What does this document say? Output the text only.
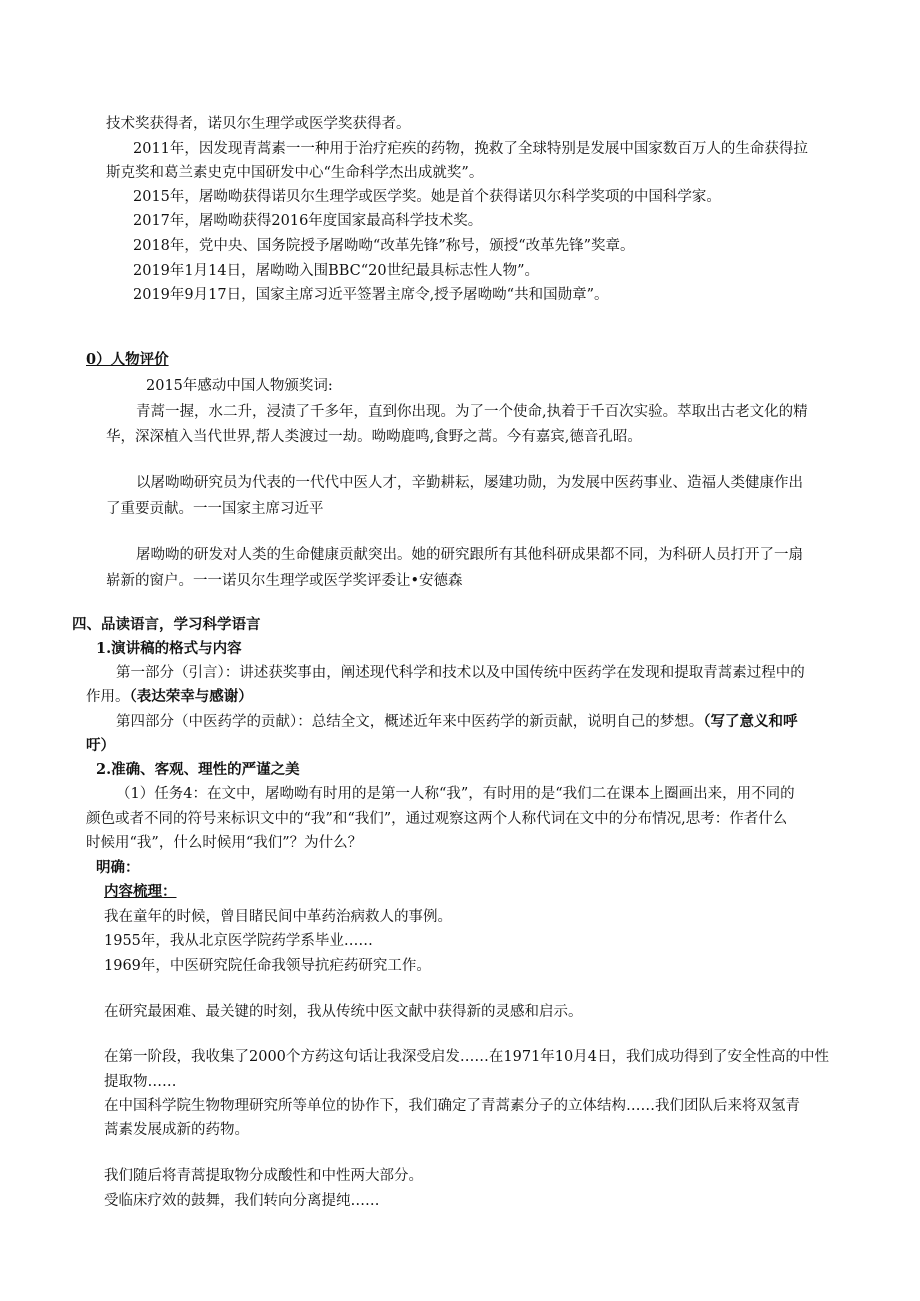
技术奖获得者，诺贝尔生理学或医学奖获得者。
2011年，因发现青蒿素一一种用于治疗疟疾的药物，挽救了全球特别是发展中国家数百万人的生命获得拉
斯克奖和葛兰素史克中国研发中心“生命科学杰出成就奖”。
2015年，屠呦呦获得诺贝尔生理学或医学奖。她是首个获得诺贝尔科学奖项的中国科学家。
2017年，屠呦呦获得2016年度国家最高科学技术奖。
2018年，党中央、国务院授予屠呦呦“改革先锋”称号，颁授“改革先锋”奖章。
2019年1月14日，屠呦呦入围BBC“20世纪最具标志性人物”。
2019年9月17日，国家主席习近平签署主席令,授予屠呦呦“共和国勋章”。
0）人物评价
2015年感动中国人物颁奖词:
青蒿一握，水二升，浸渍了千多年，直到你出现。为了一个使命,执着于千百次实验。萃取出古老文化的精
华，深深植入当代世界,帮人类渡过一劫。呦呦鹿鸣,食野之蒿。今有嘉宾,德音孔昭。
以屠呦呦研究员为代表的一代代中医人才，辛勤耕耘，屡建功勋，为发展中医药事业、造福人类健康作出
了重要贡献。一一国家主席习近平
屠呦呦的研发对人类的生命健康贡献突出。她的研究跟所有其他科研成果都不同，为科研人员打开了一扇
崭新的窗户。一一诺贝尔生理学或医学奖评委让•安德森
四、品读语言，学习科学语言
1.演讲稿的格式与内容
第一部分（引言）：讲述获奖事由，阐述现代科学和技术以及中国传统中医药学在发现和提取青蒿素过程中的
作用。（表达荣幸与感谢）
第四部分（中医药学的贡献）：总结全文，概述近年来中医药学的新贡献，说明自己的梦想。（写了意义和呼
吁）
2.准确、客观、理性的严谨之美
（1）任务4：在文中，屠呦呦有时用的是第一人称“我”，有时用的是“我们二在课本上圈画出来，用不同的
颜色或者不同的符号来标识文中的“我”和“我们”，通过观察这两个人称代词在文中的分布情况,思考：作者什么
时候用“我”，什么时候用“我们”？为什么？
明确：
内容梳理：
我在童年的时候，曾目睹民间中革药治病救人的事例。
1955年，我从北京医学院药学系毕业……
1969年，中医研究院任命我领导抗疟药研究工作。
在研究最困难、最关键的时刻，我从传统中医文献中获得新的灵感和启示。
在第一阶段，我收集了2000个方药这句话让我深受启发……在1971年10月4日，我们成功得到了安全性高的中性
提取物……
在中国科学院生物物理研究所等单位的协作下，我们确定了青蒿素分子的立体结构……我们团队后来将双氢青
蒿素发展成新的药物。
我们随后将青蒿提取物分成酸性和中性两大部分。
受临床疗效的鼓舞，我们转向分离提纯……
